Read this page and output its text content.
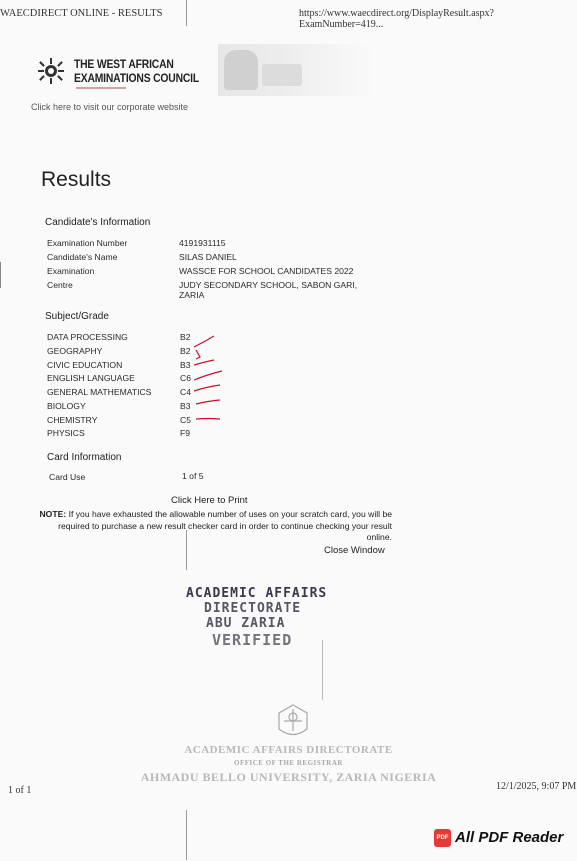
WAECDIRECT ONLINE - RESULTS	https://www.waecdirect.org/DisplayResult.aspx?ExamNumber=419...
THE WEST AFRICAN
EXAMINATIONS COUNCIL
Click here to visit our corporate website
Results
Candidate's Information
Examination Number	4191931115
Candidate's Name	SILAS DANIEL
Examination	WASSCE FOR SCHOOL CANDIDATES 2022
Centre	JUDY SECONDARY SCHOOL, SABON GARI, ZARIA
Subject/Grade
DATA PROCESSING	B2
GEOGRAPHY	B2
CIVIC EDUCATION	B3
ENGLISH LANGUAGE	C6
GENERAL MATHEMATICS	C4
BIOLOGY	B3
CHEMISTRY	C5
PHYSICS	F9
Card Information
Card Use	1 of 5
Click Here to Print
NOTE: If you have exhausted the allowable number of uses on your scratch card, you will be required to purchase a new result checker card in order to continue checking your result online.
Close Window
ACADEMIC AFFAIRS
DIRECTORATE
ABU ZARIA
VERIFIED
ACADEMIC AFFAIRS DIRECTORATE
OFFICE OF THE REGISTRAR
AHMADU BELLO UNIVERSITY, ZARIA NIGERIA
1 of 1	12/1/2025, 9:07 PM
PDF All PDF Reader
